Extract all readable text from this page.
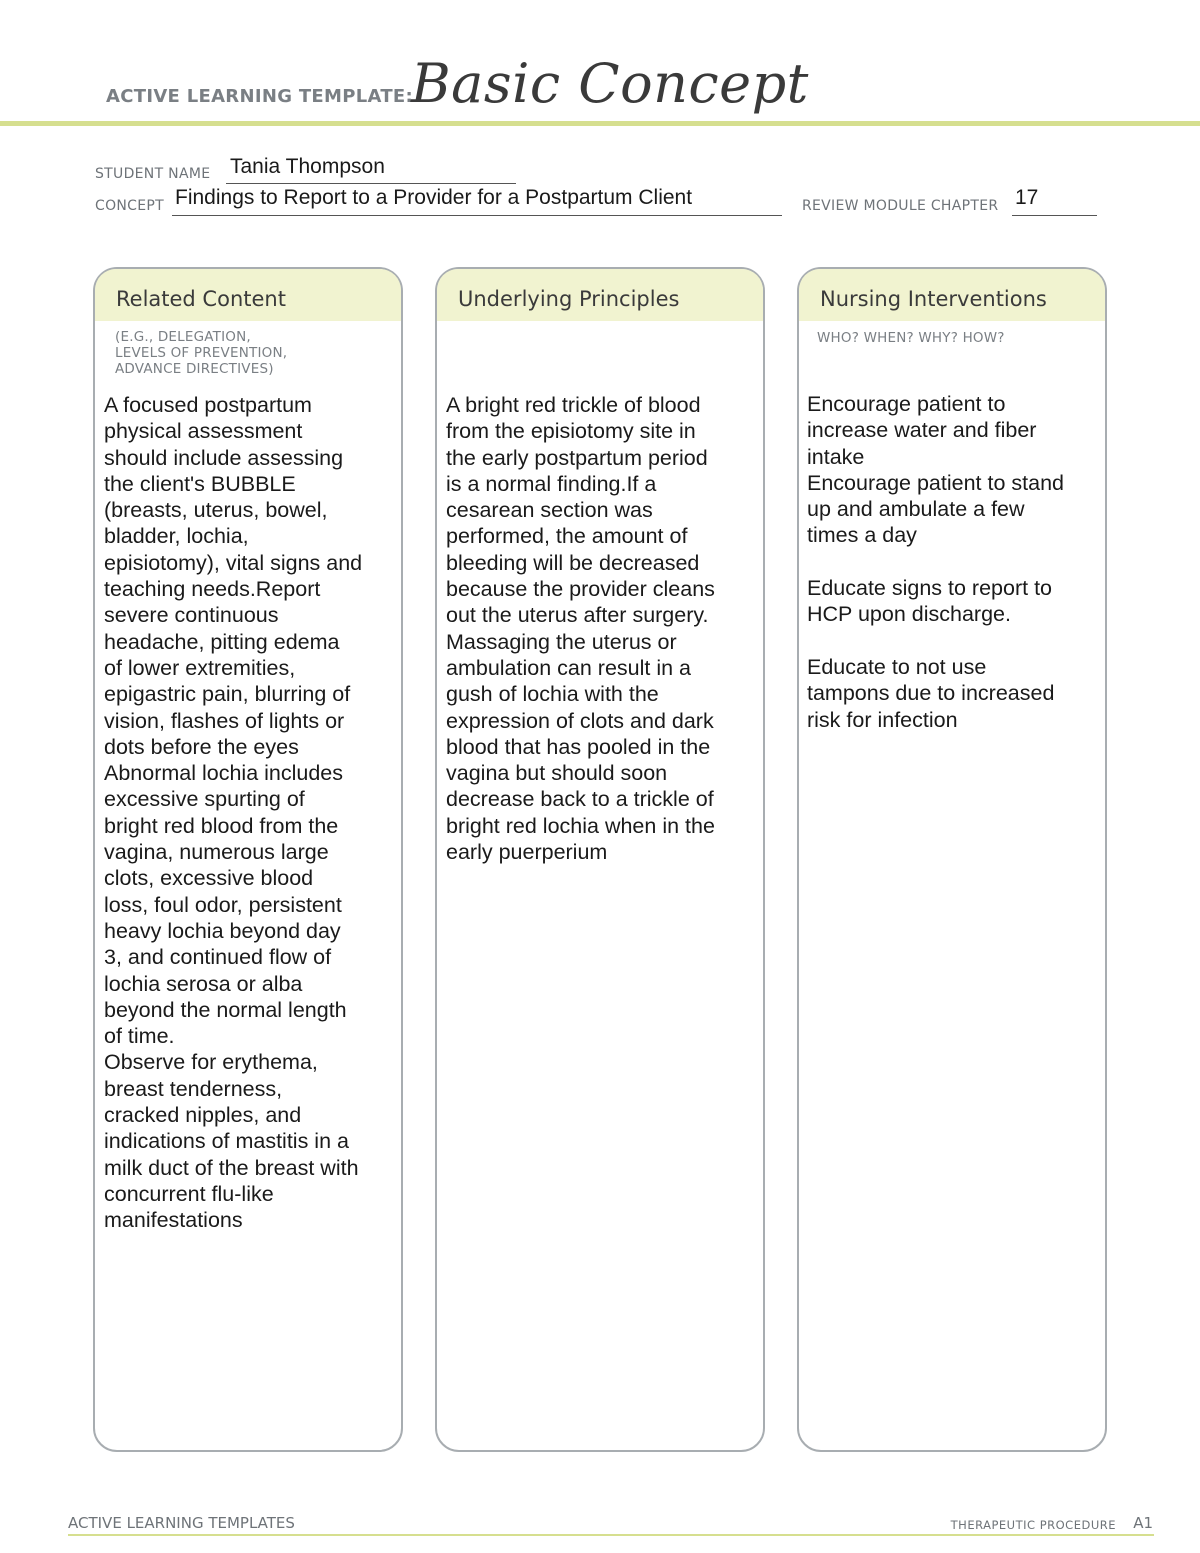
ACTIVE LEARNING TEMPLATE:
Basic Concept
STUDENT NAME Tania Thompson
CONCEPT Findings to Report to a Provider for a Postpartum Client	REVIEW MODULE CHAPTER 17
Related Content
(E.G., DELEGATION,
LEVELS OF PREVENTION,
ADVANCE DIRECTIVES)
A focused postpartum
physical assessment
should include assessing
the client's BUBBLE
(breasts, uterus, bowel,
bladder, lochia,
episiotomy), vital signs and
teaching needs.Report
severe continuous
headache, pitting edema
of lower extremities,
epigastric pain, blurring of
vision, flashes of lights or
dots before the eyes
Abnormal lochia includes
excessive spurting of
bright red blood from the
vagina, numerous large
clots, excessive blood
loss, foul odor, persistent
heavy lochia beyond day
3, and continued flow of
lochia serosa or alba
beyond the normal length
of time.
Observe for erythema,
breast tenderness,
cracked nipples, and
indications of mastitis in a
milk duct of the breast with
concurrent flu-like
manifestations
Underlying Principles
A bright red trickle of blood
from the episiotomy site in
the early postpartum period
is a normal finding.If a
cesarean section was
performed, the amount of
bleeding will be decreased
because the provider cleans
out the uterus after surgery.
Massaging the uterus or
ambulation can result in a
gush of lochia with the
expression of clots and dark
blood that has pooled in the
vagina but should soon
decrease back to a trickle of
bright red lochia when in the
early puerperium
Nursing Interventions
WHO? WHEN? WHY? HOW?
Encourage patient to
increase water and fiber
intake
Encourage patient to stand
up and ambulate a few
times a day

Educate signs to report to
HCP upon discharge.

Educate to not use
tampons due to increased
risk for infection
ACTIVE LEARNING TEMPLATES	THERAPEUTIC PROCEDURE A1
